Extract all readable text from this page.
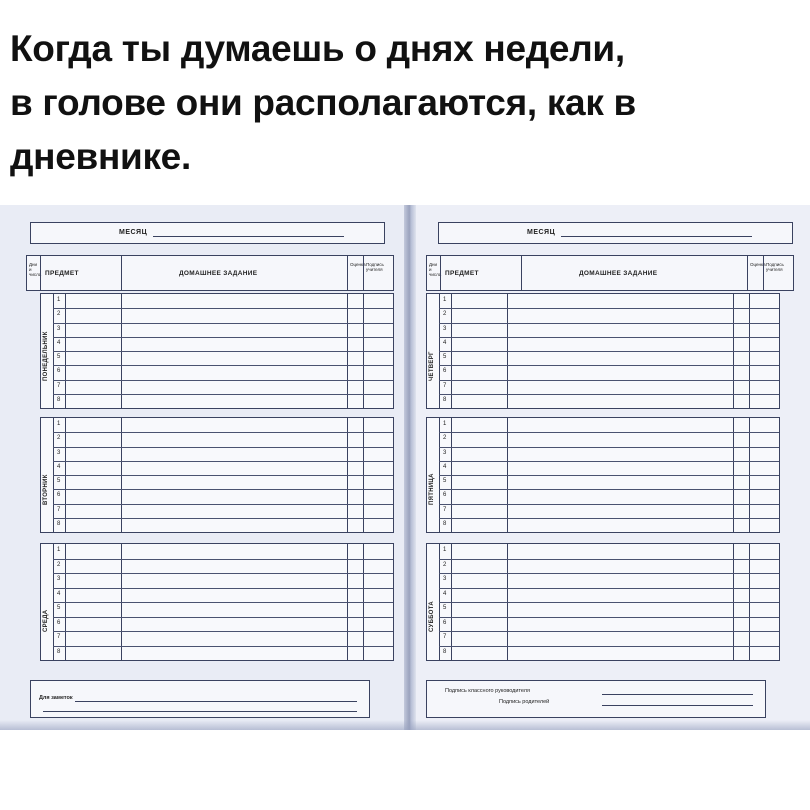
Когда ты думаешь о днях недели,
в голове они располагаются, как в
дневнике.
МЕСЯЦ
Дни и числа ПРЕДМЕТ	ДОМАШНЕЕ ЗАДАНИЕ
Оценка Подпись учителя
1
2
3
4
5
6
7
8
ПОНЕДЕЛЬНИК
1
2
3
4
5
6
7
8
ВТОРНИК
1
2
3
4
5
6
7
8
СРЕДА
Для заметок
МЕСЯЦ
Дни и числа ПРЕДМЕТ	ДОМАШНЕЕ ЗАДАНИЕ
Оценка Подпись учителя
1
2
3
4
5
6
7
8
ЧЕТВЕРГ
1
2
3
4
5
6
7
8
ПЯТНИЦА
1
2
3
4
5
6
7
8
СУББОТА
Подпись классного руководителя
Подпись родителей
